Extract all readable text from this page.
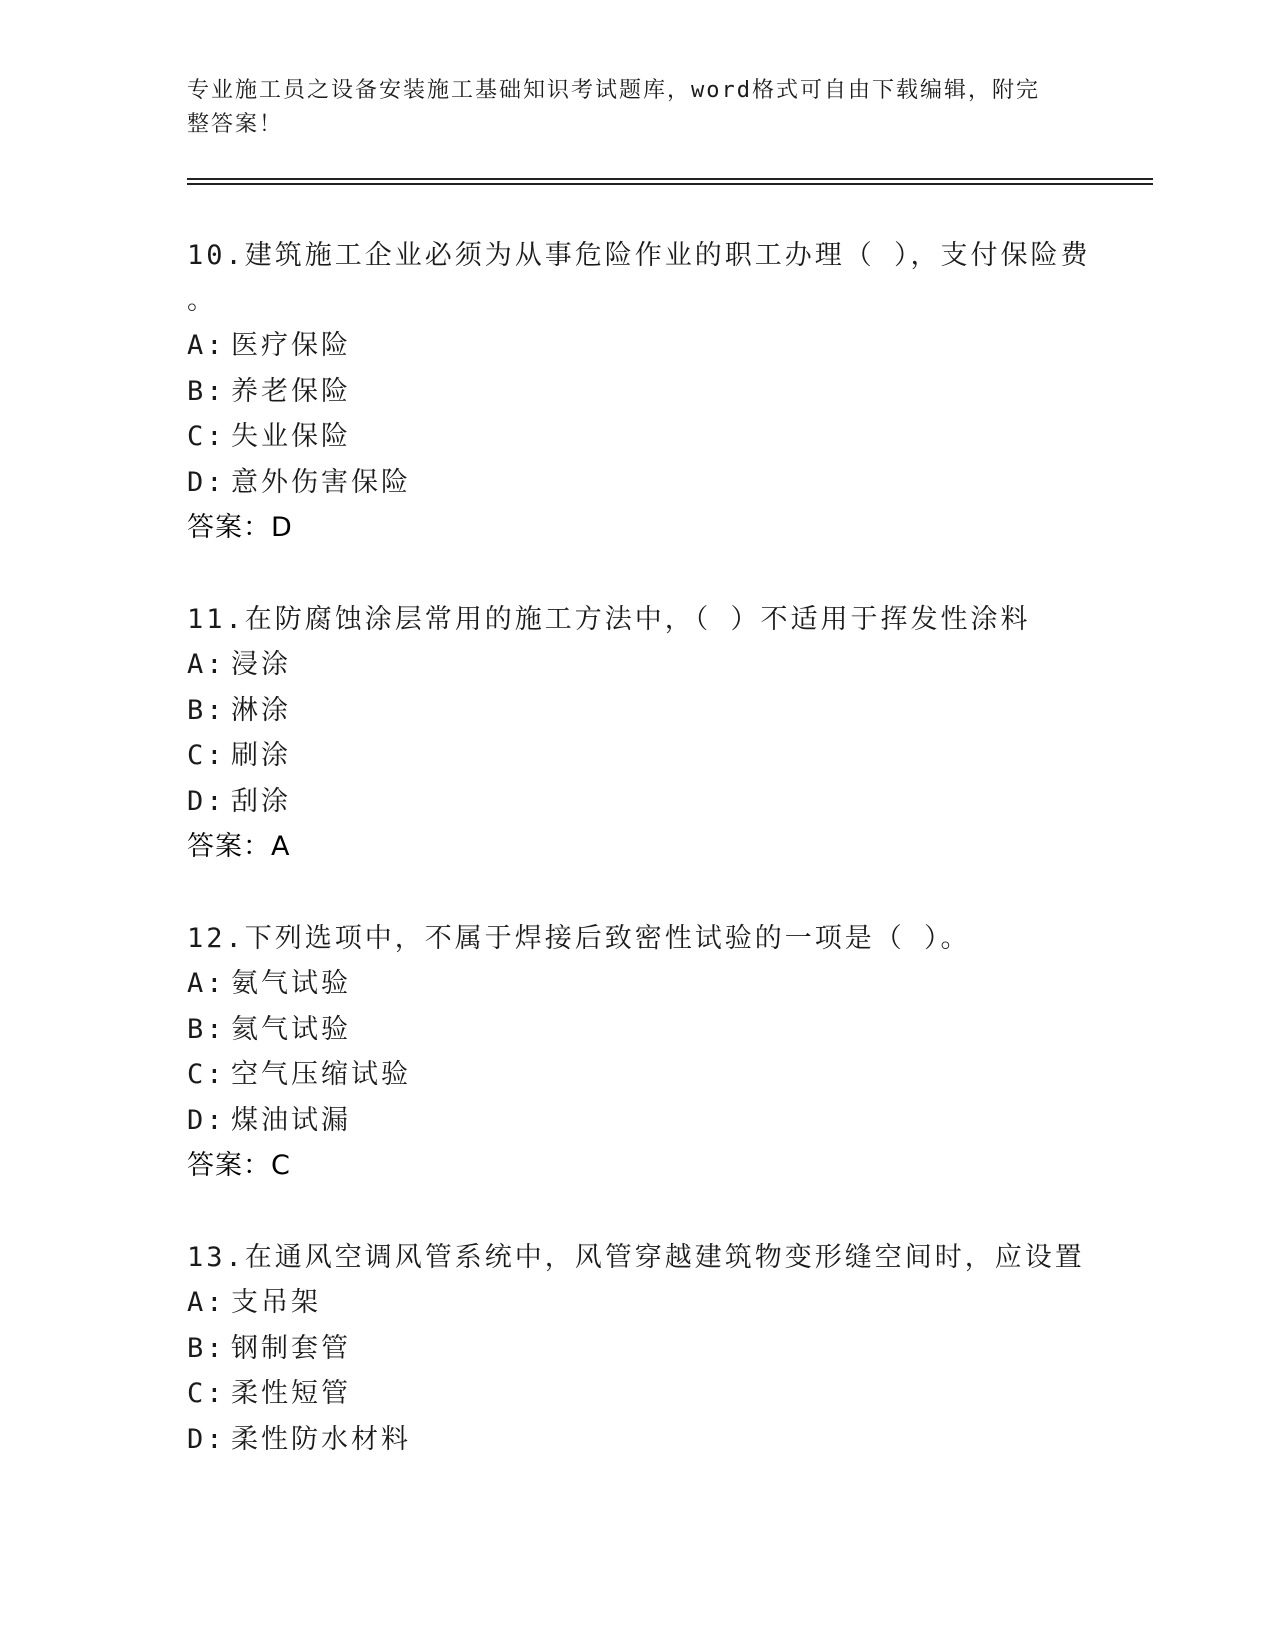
专业施工员之设备安装施工基础知识考试题库，word格式可自由下载编辑，附完
整答案！
10.建筑施工企业必须为从事危险作业的职工办理（ ），支付保险费
。
A: 医疗保险
B: 养老保险
C: 失业保险
D: 意外伤害保险
答案：D
11.在防腐蚀涂层常用的施工方法中，（ ）不适用于挥发性涂料
A: 浸涂
B: 淋涂
C: 刷涂
D: 刮涂
答案：A
12.下列选项中，不属于焊接后致密性试验的一项是（ ）。
A: 氨气试验
B: 氦气试验
C: 空气压缩试验
D: 煤油试漏
答案：C
13.在通风空调风管系统中，风管穿越建筑物变形缝空间时，应设置
A: 支吊架
B: 钢制套管
C: 柔性短管
D: 柔性防水材料
